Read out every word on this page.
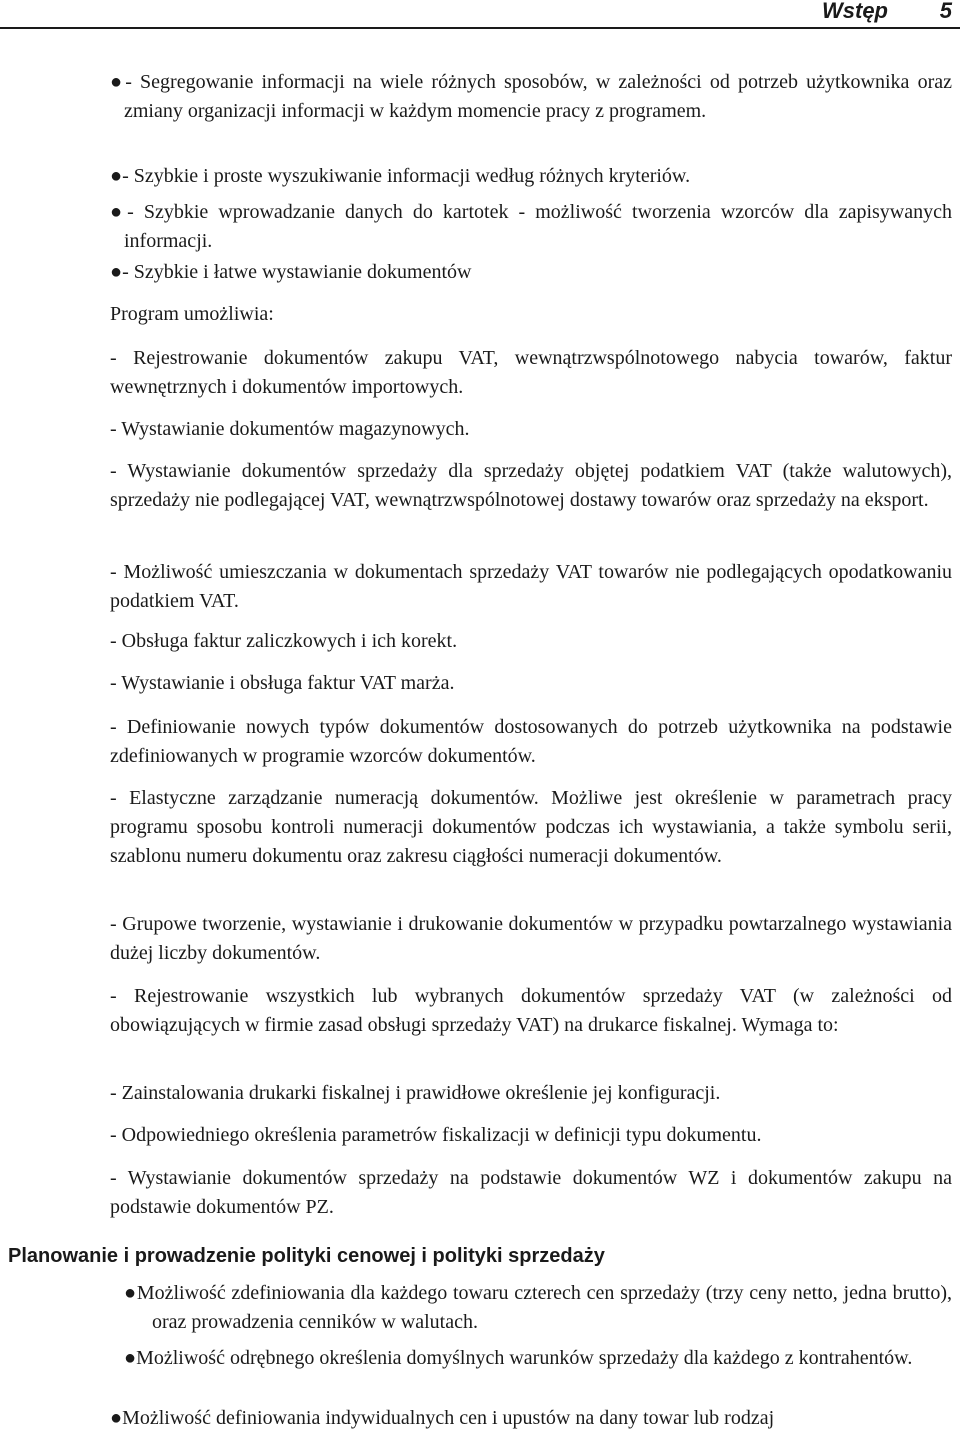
Wstęp 5
●- Segregowanie informacji na wiele różnych sposobów, w zależności od potrzeb użytkownika oraz zmiany organizacji informacji w każdym momencie pracy z programem.
●- Szybkie i proste wyszukiwanie informacji według różnych kryteriów.
●- Szybkie wprowadzanie danych do kartotek - możliwość tworzenia wzorców dla zapisywanych informacji.
●- Szybkie i łatwe wystawianie dokumentów
Program umożliwia:
- Rejestrowanie dokumentów zakupu VAT, wewnątrzwspólnotowego nabycia towarów, faktur wewnętrznych i dokumentów importowych.
- Wystawianie dokumentów magazynowych.
- Wystawianie dokumentów sprzedaży dla sprzedaży objętej podatkiem VAT (także walutowych), sprzedaży nie podlegającej VAT, wewnątrzwspólnotowej dostawy towarów oraz sprzedaży na eksport.
- Możliwość umieszczania w dokumentach sprzedaży VAT towarów nie podlegających opodatkowaniu podatkiem VAT.
- Obsługa faktur zaliczkowych i ich korekt.
- Wystawianie i obsługa faktur VAT marża.
- Definiowanie nowych typów dokumentów dostosowanych do potrzeb użytkownika na podstawie zdefiniowanych w programie wzorców dokumentów.
- Elastyczne zarządzanie numeracją dokumentów. Możliwe jest określenie w parametrach pracy programu sposobu kontroli numeracji dokumentów podczas ich wystawiania, a także symbolu serii, szablonu numeru dokumentu oraz zakresu ciągłości numeracji dokumentów.
- Grupowe tworzenie, wystawianie i drukowanie dokumentów w przypadku powtarzalnego wystawiania dużej liczby dokumentów.
- Rejestrowanie wszystkich lub wybranych dokumentów sprzedaży VAT (w zależności od obowiązujących w firmie zasad obsługi sprzedaży VAT) na drukarce fiskalnej. Wymaga to:
- Zainstalowania drukarki fiskalnej i prawidłowe określenie jej konfiguracji.
- Odpowiedniego określenia parametrów fiskalizacji w definicji typu dokumentu.
- Wystawianie dokumentów sprzedaży na podstawie dokumentów WZ i dokumentów zakupu na podstawie dokumentów PZ.
Planowanie i prowadzenie polityki cenowej i polityki sprzedaży
●Możliwość zdefiniowania dla każdego towaru czterech cen sprzedaży (trzy ceny netto, jedna brutto), oraz prowadzenia cenników w walutach.
●Możliwość odrębnego określenia domyślnych warunków sprzedaży dla każdego z kontrahentów.
●Możliwość definiowania indywidualnych cen i upustów na dany towar lub rodzaj
